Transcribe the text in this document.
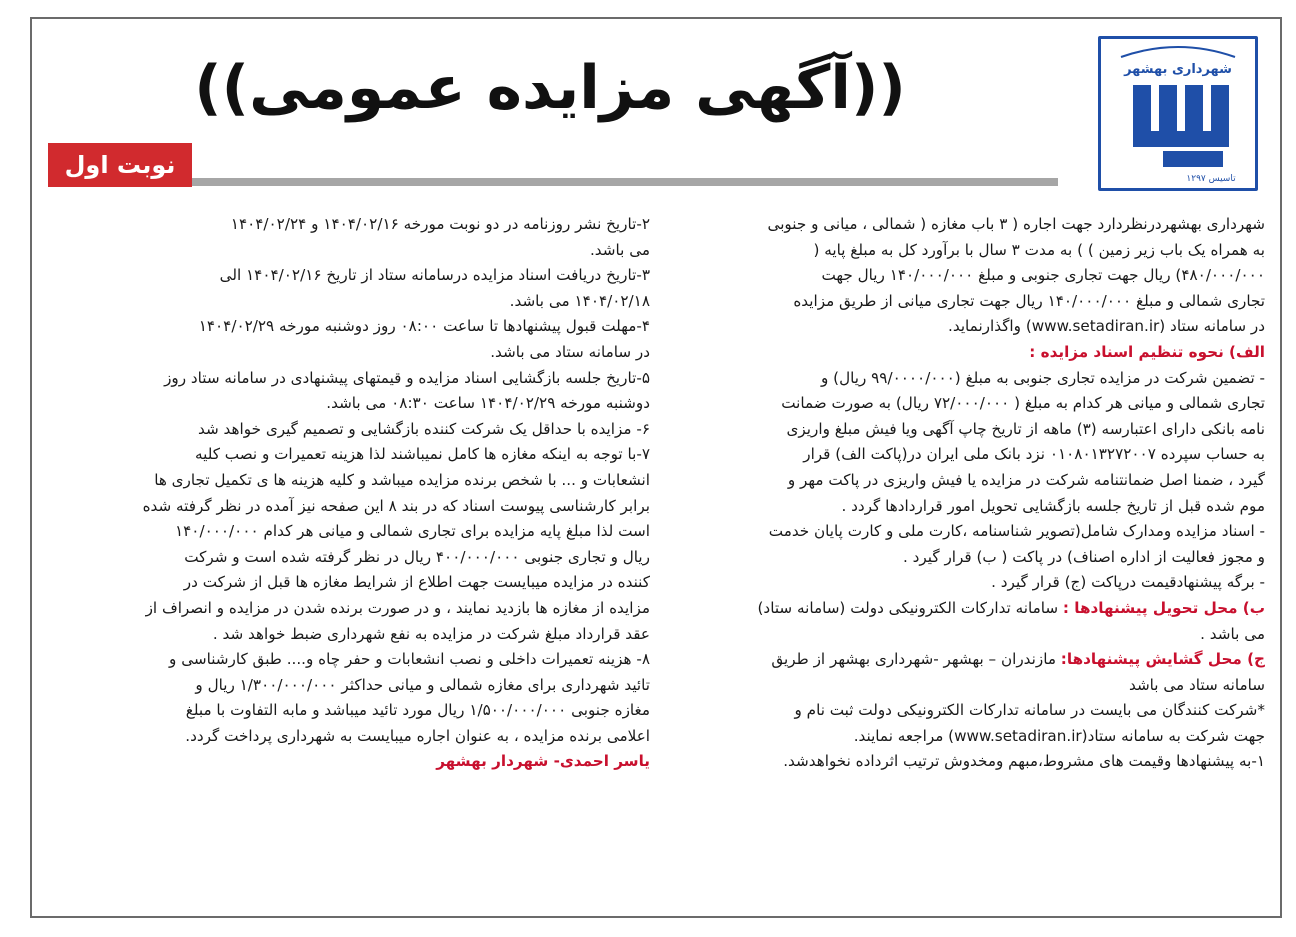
شهرداری بهشهر
تاسیس ۱۲۹۷
((آگهی مزایده عمومی))
نوبت اول
شهرداری بهشهردرنظردارد جهت اجاره ( ۳ باب مغازه ( شمالی ، میانی و جنوبی
به همراه یک باب زیر زمین ) ) به مدت ۳ سال با برآورد کل به مبلغ پایه (
۴۸۰/۰۰۰/۰۰۰) ریال جهت تجاری جنوبی و مبلغ ۱۴۰/۰۰۰/۰۰۰ ریال جهت
تجاری شمالی و مبلغ ۱۴۰/۰۰۰/۰۰۰ ریال جهت تجاری میانی از طریق مزایده
در سامانه ستاد (www.setadiran.ir) واگذارنماید.
الف) نحوه تنظیم اسناد مزایده :
- تضمین شرکت در مزایده تجاری جنوبی به مبلغ (۹۹/۰۰۰۰/۰۰۰ ریال) و
تجاری شمالی و میانی هر کدام به مبلغ ( ۷۲/۰۰۰/۰۰۰ ریال) به صورت ضمانت
نامه بانکی دارای اعتبارسه (۳) ماهه از تاریخ چاپ آگهی ویا فیش مبلغ واریزی
به حساب سپرده ۰۱۰۸۰۱۳۲۷۲۰۰۷ نزد بانک ملی ایران در(پاکت الف) قرار
گیرد ، ضمنا اصل ضمانتنامه شرکت در مزایده یا فیش واریزی در پاکت مهر و
موم شده قبل از تاریخ جلسه بازگشایی تحویل امور قراردادها گردد .
- اسناد مزایده ومدارک شامل(تصویر شناسنامه ،کارت ملی و کارت پایان خدمت
و مجوز فعالیت از اداره اصناف) در پاکت ( ب) قرار گیرد .
- برگه پیشنهادقیمت درپاکت (ج) قرار گیرد .
ب) محل تحویل پیشنهادها : سامانه تدارکات الکترونیکی دولت (سامانه ستاد)
می باشد .
ج) محل گشایش پیشنهادها: مازندران – بهشهر -شهرداری بهشهر از طریق
سامانه ستاد می باشد
*شرکت کنندگان می بایست در سامانه تدارکات الکترونیکی دولت ثبت نام و
جهت شرکت به سامانه ستاد(www.setadiran.ir) مراجعه نمایند.
۱-به پیشنهادها وقیمت های مشروط،مبهم ومخدوش ترتیب اثرداده نخواهدشد.
۲-تاریخ نشر روزنامه در دو نوبت مورخه ۱۴۰۴/۰۲/۱۶ و ۱۴۰۴/۰۲/۲۴
می باشد.
۳-تاریخ دریافت اسناد مزایده درسامانه ستاد از تاریخ ۱۴۰۴/۰۲/۱۶ الی
۱۴۰۴/۰۲/۱۸ می باشد.
۴-مهلت قبول پیشنهادها تا ساعت ۰۸:۰۰ روز دوشنبه مورخه ۱۴۰۴/۰۲/۲۹
در سامانه ستاد می باشد.
۵-تاریخ جلسه بازگشایی اسناد مزایده و قیمتهای پیشنهادی در سامانه ستاد روز
دوشنبه مورخه ۱۴۰۴/۰۲/۲۹ ساعت ۰۸:۳۰ می باشد.
۶- مزایده با حداقل یک شرکت کننده بازگشایی و تصمیم گیری خواهد شد
۷-با توجه به اینکه مغازه ها کامل نمیباشند لذا هزینه تعمیرات و نصب کلیه
انشعابات و ... با شخص برنده مزایده میباشد و کلیه هزینه ها ی تکمیل تجاری ها
برابر کارشناسی پیوست اسناد که در بند ۸ این صفحه نیز آمده در نظر گرفته شده
است لذا مبلغ پایه مزایده برای تجاری شمالی و میانی هر کدام ۱۴۰/۰۰۰/۰۰۰
ریال و تجاری جنوبی ۴۰۰/۰۰۰/۰۰۰ ریال در نظر گرفته شده است و شرکت
کننده در مزایده میبایست جهت اطلاع از شرایط مغازه ها قبل از شرکت در
مزایده از مغازه ها بازدید نمایند ، و در صورت برنده شدن در مزایده و انصراف از
عقد قرارداد مبلغ شرکت در مزایده به نفع شهرداری ضبط خواهد شد .
۸- هزینه تعمیرات داخلی و نصب انشعابات و حفر چاه و.... طبق کارشناسی و
تائید شهرداری برای مغازه شمالی و میانی حداکثر ۱/۳۰۰/۰۰۰/۰۰۰ ریال و
مغازه جنوبی ۱/۵۰۰/۰۰۰/۰۰۰ ریال مورد تائید میباشد و مابه التفاوت با مبلغ
اعلامی برنده مزایده ، به عنوان اجاره میبایست به شهرداری پرداخت گردد.
یاسر احمدی- شهردار بهشهر
